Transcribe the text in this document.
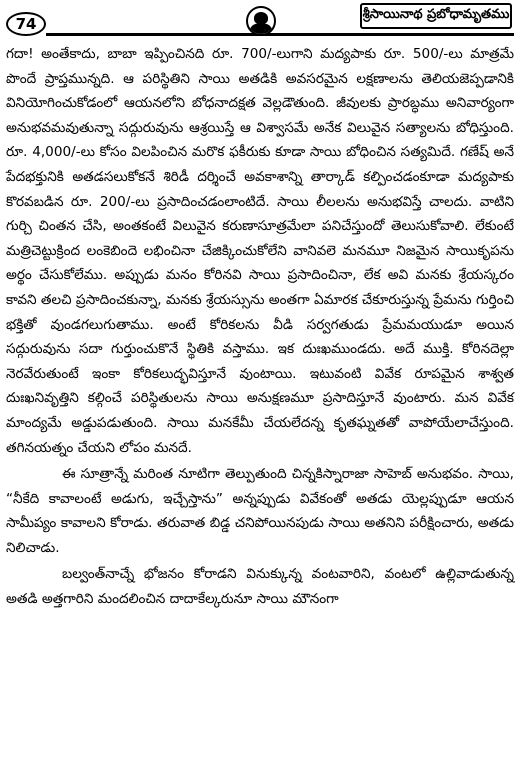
74
శ్రీసాయినాథ ప్రబోధామృతము

గదా! అంతేకాదు, బాబా ఇప్పించినది రూ. 700/-లుగాని మద్యపాకు రూ. 500/-లు మాత్రమే పొందే ప్రాప్తమున్నది. ఆ పరిస్థితిని సాయి అతడికి అవసరమైన లక్షణాలను తెలియజెప్పడానికి వినియోగించుకోడంలో ఆయనలోని బోధనాదక్షత వెల్లడౌతుంది. జీవులకు ప్రారబ్ధము అనివార్యంగా అనుభవమవుతున్నా సద్గురువును ఆశ్రయిస్తే ఆ విశ్వాసమే అనేక విలువైన సత్యాలను బోధిస్తుంది. రూ. 4,000/-లు కోసం విలపించిన మరొక ఫకీరుకు కూడా సాయి బోధించిన సత్యమిదే. గణేష్ అనే పేదభక్తునికి అతడసలుకోకనే శిరిడీ దర్శించే అవకాశాన్ని తార్కాడ్ కల్పించడంకూడా మద్యపాకు కొరవబడిన రూ. 200/-లు ప్రసాదించడంలాంటిదే. సాయి లీలలను అనుభవిస్తే చాలదు. వాటిని గుర్చి చింతన చేసి, అంతకంటే విలువైన కరుణాసూత్రమేలా పనిచేస్తుందో తెలుసుకోవాలి. లేకుంటే మత్రిచెట్టుక్రింద లంకెబిందె లభించినా చేజిక్కించుకోలేని వానివలె మనమూ నిజమైన సాయికృపను అర్థం చేసుకోలేము. అప్పుడు మనం కోరినవి సాయి ప్రసాదించినా, లేక అవి మనకు శ్రేయస్కరం కావని తలచి ప్రసాదించకున్నా, మనకు శ్రేయస్సును అంతగా ఏమారక చేకూరుస్తున్న ప్రేమను గుర్తించి భక్తితో వుండగలుగుతాము. అంటే కోరికలను వీడి సర్వగతుడు ప్రేమమయుడూ అయిన సద్గురువును సదా గుర్తుంచుకొనే స్థితికి వస్తాము. ఇక దుఃఖముండదు. అదే ముక్తి. కోరినదెల్లా నెరవేరుతుంటే ఇంకా కోరికలుద్భవిస్తూనే వుంటాయి. ఇటువంటి వివేక రూపమైన శాశ్వత దుఃఖనివృత్తిని కల్గించే పరిస్థితులను సాయి అనుక్షణమూ ప్రసాదిస్తూనే వుంటారు. మన వివేక మాంద్యమే అడ్డుపడుతుంది. సాయి మనకేమీ చేయలేదన్న కృతఘ్నతతో వాపోయేలాచేస్తుంది. తగినయత్నం చేయని లోపం మనదే.

ఈ సూత్రాన్నే మరింత నూటిగా తెల్పుతుంది చిన్నకిస్నారాజా సాహెబ్ అనుభవం. సాయి, “నీకేది కావాలంటే అడుగు, ఇచ్చేస్తాను” అన్నప్పుడు వివేకంతో అతడు యెల్లప్పుడూ ఆయన సామీప్యం కావాలని కోరాడు. తరువాత బిడ్డ చనిపోయినపుడు సాయి అతనిని పరీక్షించారు, అతడు నిలిచాడు.

బల్వంత్‌నాచ్నే భోజనం కోరాడని వినుక్కున్న వంటవారిని, వంటలో ఉల్లివాడుతున్న అతడి అత్తగారిని మందలించిన దాదాకేల్కరునూ సాయి మౌనంగా
